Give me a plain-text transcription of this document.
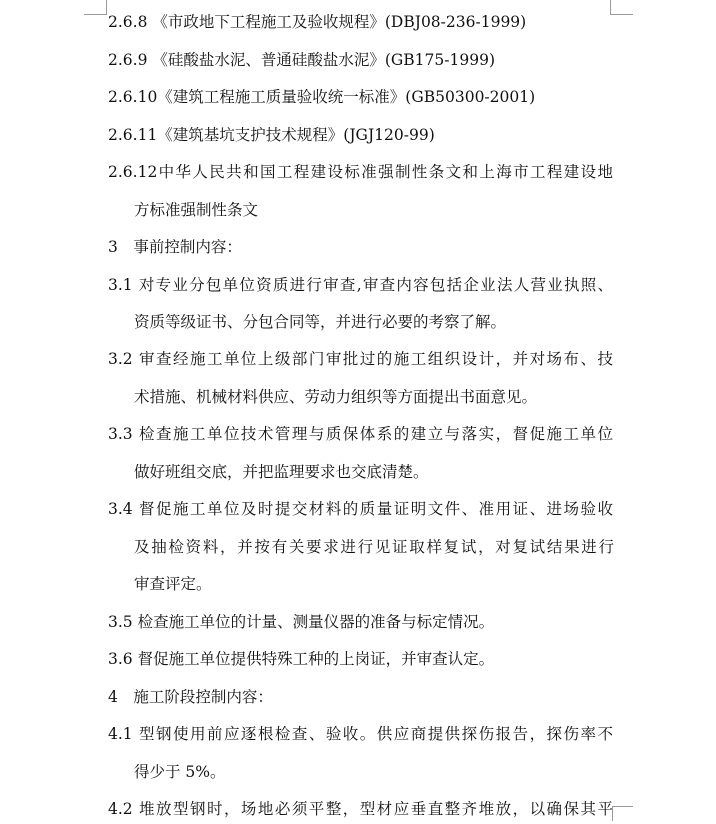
2.6.8 《市政地下工程施工及验收规程》(DBJ08-236-1999)
2.6.9 《硅酸盐水泥、普通硅酸盐水泥》(GB175-1999)
2.6.10《建筑工程施工质量验收统一标准》(GB50300-2001)
2.6.11《建筑基坑支护技术规程》(JGJ120-99)
2.6.12中华人民共和国工程建设标准强制性条文和上海市工程建设地
方标准强制性条文
3　事前控制内容：
3.1 对专业分包单位资质进行审查,审查内容包括企业法人营业执照、
资质等级证书、分包合同等，并进行必要的考察了解。
3.2 审查经施工单位上级部门审批过的施工组织设计，并对场布、技
术措施、机械材料供应、劳动力组织等方面提出书面意见。
3.3 检查施工单位技术管理与质保体系的建立与落实，督促施工单位
做好班组交底，并把监理要求也交底清楚。
3.4 督促施工单位及时提交材料的质量证明文件、准用证、进场验收
及抽检资料，并按有关要求进行见证取样复试，对复试结果进行
审查评定。
3.5 检查施工单位的计量、测量仪器的准备与标定情况。
3.6 督促施工单位提供特殊工种的上岗证，并审查认定。
4　施工阶段控制内容：
4.1 型钢使用前应逐根检查、验收。供应商提供探伤报告，探伤率不
得少于 5%。
4.2 堆放型钢时，场地必须平整，型材应垂直整齐堆放，以确保其平
